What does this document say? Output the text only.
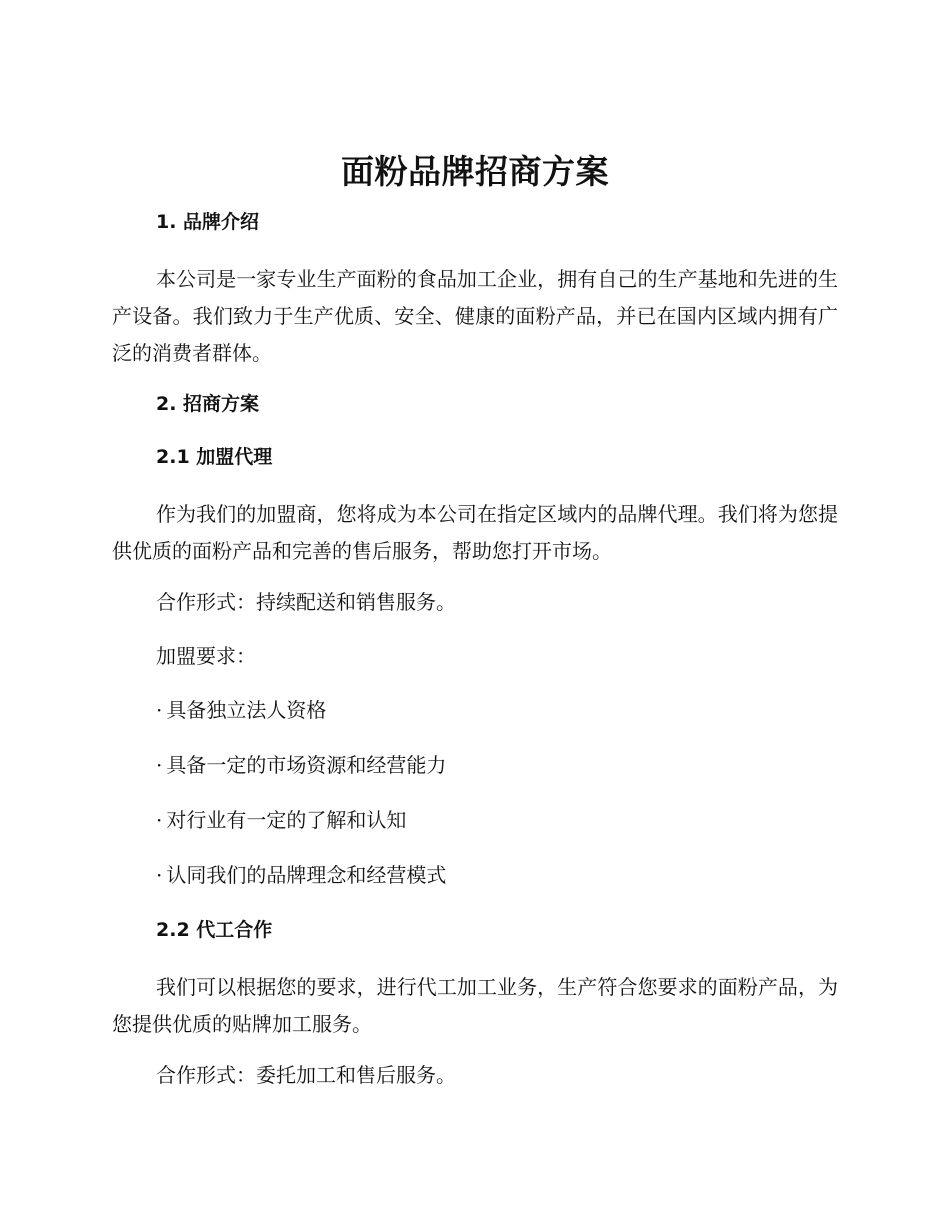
面粉品牌招商方案
1. 品牌介绍

本公司是一家专业生产面粉的食品加工企业，拥有自己的生产基地和先进的生产设备。我们致力于生产优质、安全、健康的面粉产品，并已在国内区域内拥有广泛的消费者群体。

2. 招商方案
2.1 加盟代理

作为我们的加盟商，您将成为本公司在指定区域内的品牌代理。我们将为您提供优质的面粉产品和完善的售后服务，帮助您打开市场。

合作形式：持续配送和销售服务。

加盟要求：

· 具备独立法人资格
· 具备一定的市场资源和经营能力
· 对行业有一定的了解和认知
· 认同我们的品牌理念和经营模式
2.2 代工合作

我们可以根据您的要求，进行代工加工业务，生产符合您要求的面粉产品，为您提供优质的贴牌加工服务。

合作形式：委托加工和售后服务。
